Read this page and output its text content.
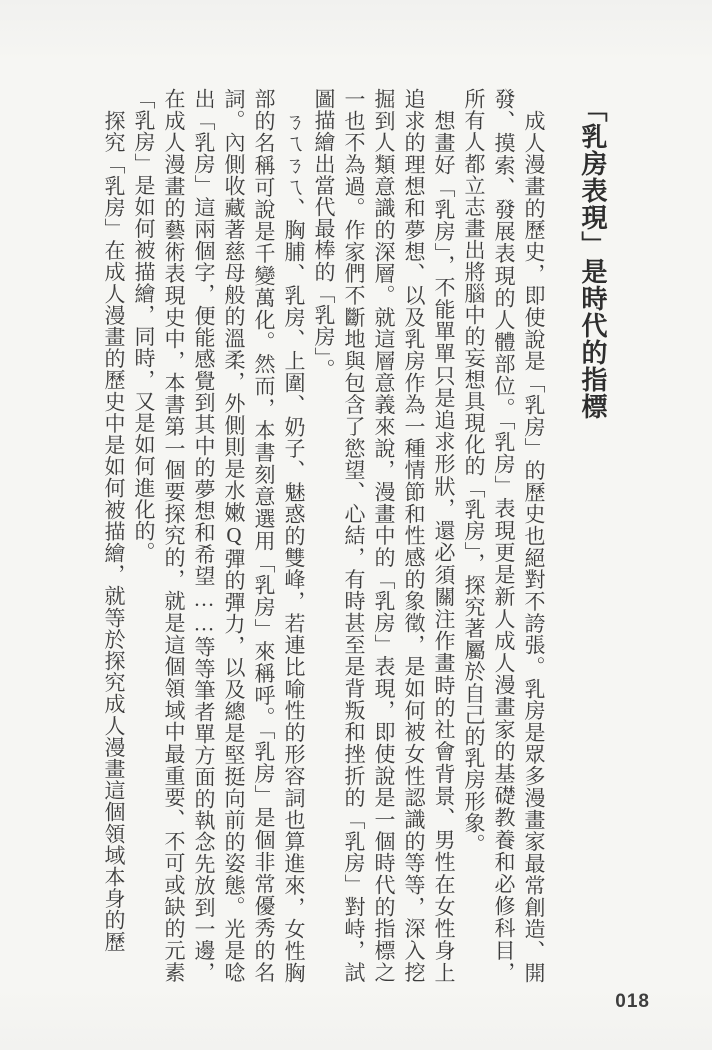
「乳房表現」是時代的指標

成人漫畫的歷史，即使說是「乳房」的歷史也絕對不誇張。乳房是眾多漫畫家最常創造、開發、摸索、發展表現的人體部位。「乳房」表現更是新人成人漫畫家的基礎教養和必修科目，所有人都立志畫出將腦中的妄想具現化的「乳房」，探究著屬於自己的乳房形象。

想畫好「乳房」，不能單單只是追求形狀，還必須關注作畫時的社會背景、男性在女性身上追求的理想和夢想、以及乳房作為一種情節和性感的象徵，是如何被女性認識的等等，深入挖掘到人類意識的深層。就這層意義來說，漫畫中的「乳房」表現，即使說是一個時代的指標之一也不為過。作家們不斷地與包含了慾望、心結，有時甚至是背叛和挫折的「乳房」對峙，試圖描繪出當代最棒的「乳房」。

ㄋㄟㄋㄟ、胸脯、乳房、上圍、奶子、魅惑的雙峰，若連比喻性的形容詞也算進來，女性胸部的名稱可說是千變萬化。然而，本書刻意選用「乳房」來稱呼。「乳房」是個非常優秀的名詞。內側收藏著慈母般的溫柔，外側則是水嫩Q彈的彈力，以及總是堅挺向前的姿態。光是唸出「乳房」這兩個字，便能感覺到其中的夢想和希望……等等筆者單方面的執念先放到一邊，在成人漫畫的藝術表現史中，本書第一個要探究的，就是這個領域中最重要、不可或缺的元素「乳房」是如何被描繪，同時，又是如何進化的。

探究「乳房」在成人漫畫的歷史中是如何被描繪，就等於探究成人漫畫這個領域本身的歷

018
